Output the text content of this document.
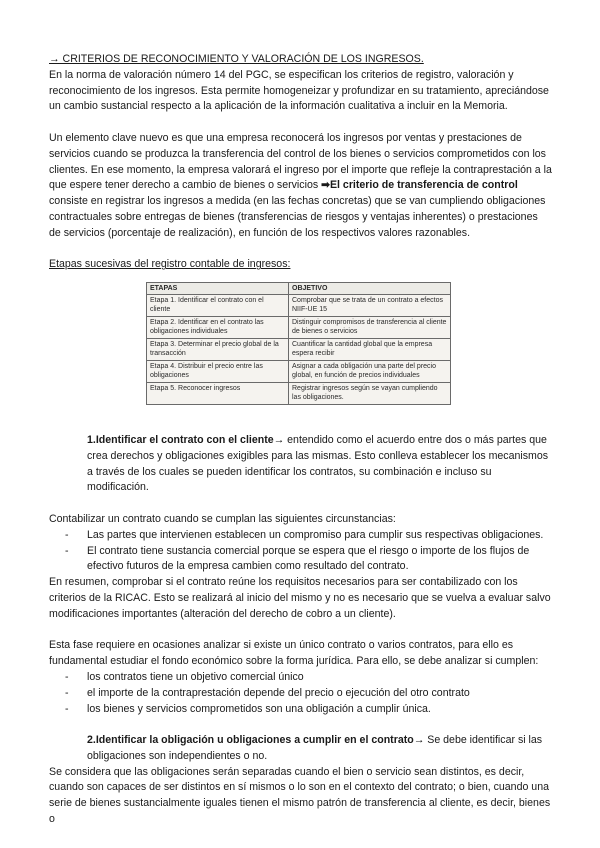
→ CRITERIOS DE RECONOCIMIENTO Y VALORACIÓN DE LOS INGRESOS.

En la norma de valoración número 14 del PGC, se especifican los criterios de registro, valoración y reconocimiento de los ingresos. Esta permite homogeneizar y profundizar en su tratamiento, apreciándose un cambio sustancial respecto a la aplicación de la información cualitativa a incluir en la Memoria.

Un elemento clave nuevo es que una empresa reconocerá los ingresos por ventas y prestaciones de servicios cuando se produzca la transferencia del control de los bienes o servicios comprometidos con los clientes. En ese momento, la empresa valorará el ingreso por el importe que refleje la contraprestación a la que espere tener derecho a cambio de bienes o servicios ➡El criterio de transferencia de control consiste en registrar los ingresos a medida (en las fechas concretas) que se van cumpliendo obligaciones contractuales sobre entregas de bienes (transferencias de riesgos y ventajas inherentes) o prestaciones de servicios (porcentaje de realización), en función de los respectivos valores razonables.

Etapas sucesivas del registro contable de ingresos:

ETAPAS	OBJETIVO
Etapa 1. Identificar el contrato con el cliente	Comprobar que se trata de un contrato a efectos NIIF-UE 15
Etapa 2. Identificar en el contrato las obligaciones individuales	Distinguir compromisos de transferencia al cliente de bienes o servicios
Etapa 3. Determinar el precio global de la transacción	Cuantificar la cantidad global que la empresa espera recibir
Etapa 4. Distribuir el precio entre las obligaciones	Asignar a cada obligación una parte del precio global, en función de precios individuales
Etapa 5. Reconocer ingresos	Registrar ingresos según se vayan cumpliendo las obligaciones.

1.Identificar el contrato con el cliente→ entendido como el acuerdo entre dos o más partes que crea derechos y obligaciones exigibles para las mismas. Esto conlleva establecer los mecanismos a través de los cuales se pueden identificar los contratos, su combinación e incluso su modificación.

Contabilizar un contrato cuando se cumplan las siguientes circunstancias:

- Las partes que intervienen establecen un compromiso para cumplir sus respectivas obligaciones.
- El contrato tiene sustancia comercial porque se espera que el riesgo o importe de los flujos de efectivo futuros de la empresa cambien como resultado del contrato.

En resumen, comprobar si el contrato reúne los requisitos necesarios para ser contabilizado con los criterios de la RICAC. Esto se realizará al inicio del mismo y no es necesario que se vuelva a evaluar salvo modificaciones importantes (alteración del derecho de cobro a un cliente).

Esta fase requiere en ocasiones analizar si existe un único contrato o varios contratos, para ello es fundamental estudiar el fondo económico sobre la forma jurídica. Para ello, se debe analizar si cumplen:

- los contratos tiene un objetivo comercial único
- el importe de la contraprestación depende del precio o ejecución del otro contrato
- los bienes y servicios comprometidos son una obligación a cumplir única.

2.Identificar la obligación u obligaciones a cumplir en el contrato→ Se debe identificar si las obligaciones son independientes o no.

Se considera que las obligaciones serán separadas cuando el bien o servicio sean distintos, es decir, cuando son capaces de ser distintos en sí mismos o lo son en el contexto del contrato; o bien, cuando una serie de bienes sustancialmente iguales tienen el mismo patrón de transferencia al cliente, es decir, bienes o
